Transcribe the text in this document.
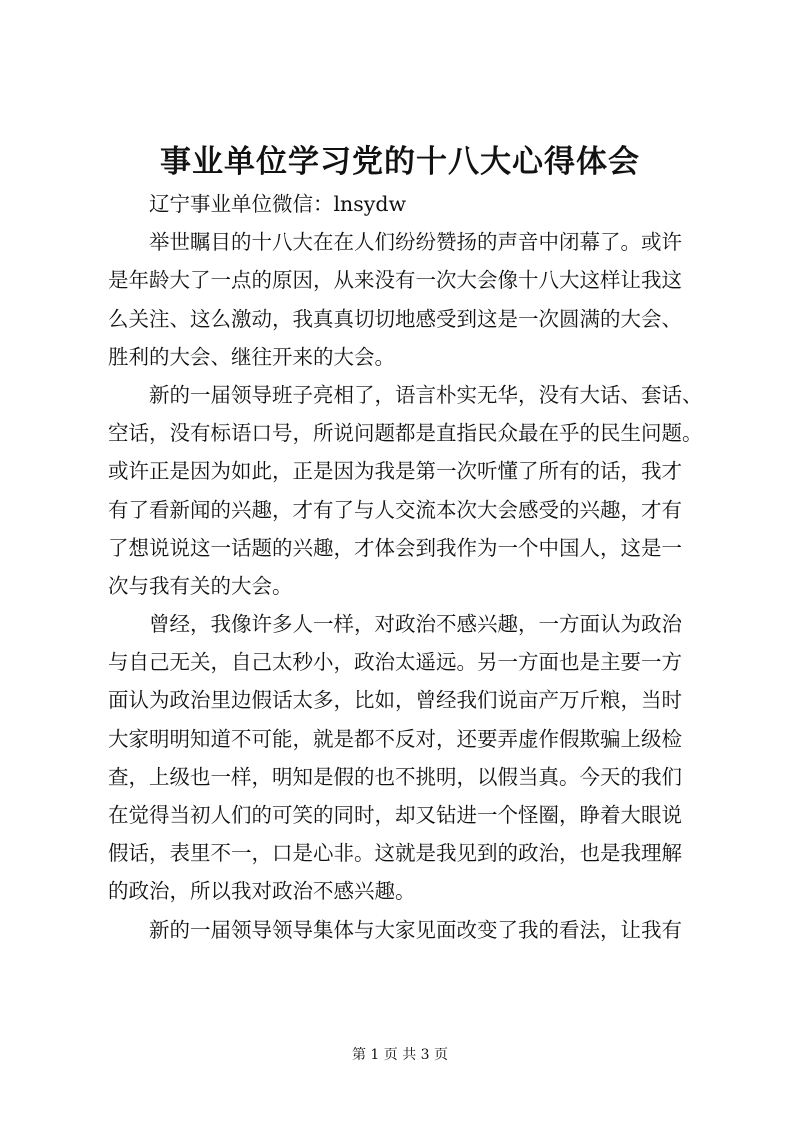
事业单位学习党的十八大心得体会
辽宁事业单位微信：lnsydw
举世瞩目的十八大在在人们纷纷赞扬的声音中闭幕了。或许
是年龄大了一点的原因，从来没有一次大会像十八大这样让我这
么关注、这么激动，我真真切切地感受到这是一次圆满的大会、
胜利的大会、继往开来的大会。
新的一届领导班子亮相了，语言朴实无华，没有大话、套话、
空话，没有标语口号，所说问题都是直指民众最在乎的民生问题。
或许正是因为如此，正是因为我是第一次听懂了所有的话，我才
有了看新闻的兴趣，才有了与人交流本次大会感受的兴趣，才有
了想说说这一话题的兴趣，才体会到我作为一个中国人，这是一
次与我有关的大会。
曾经，我像许多人一样，对政治不感兴趣，一方面认为政治
与自己无关，自己太秒小，政治太遥远。另一方面也是主要一方
面认为政治里边假话太多，比如，曾经我们说亩产万斤粮，当时
大家明明知道不可能，就是都不反对，还要弄虚作假欺骗上级检
查，上级也一样，明知是假的也不挑明，以假当真。今天的我们
在觉得当初人们的可笑的同时，却又钻进一个怪圈，睁着大眼说
假话，表里不一，口是心非。这就是我见到的政治，也是我理解
的政治，所以我对政治不感兴趣。
新的一届领导领导集体与大家见面改变了我的看法，让我有
第 1 页 共 3 页
